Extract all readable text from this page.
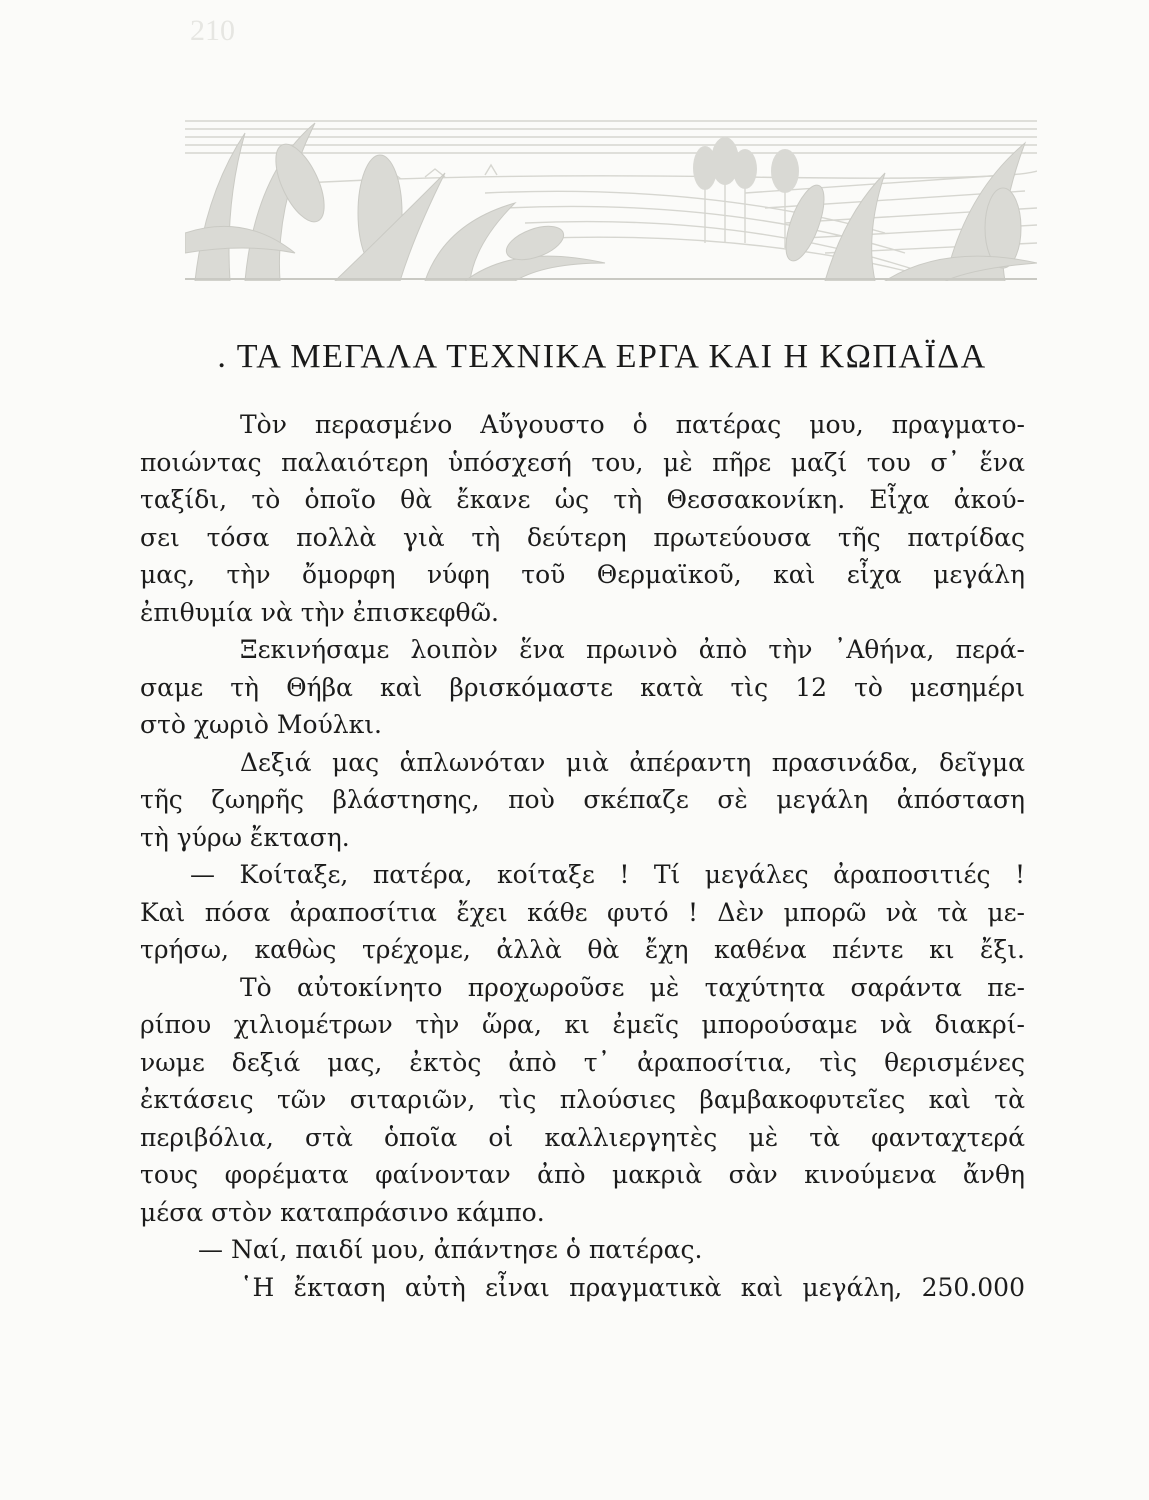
210
. ΤΑ ΜΕΓΑΛΑ ΤΕΧΝΙΚΑ ΕΡΓΑ ΚΑΙ Η ΚΩΠΑΪΔΑ
Τὸν περασμένο Αὔγουστο ὁ πατέρας μου, πραγματο-
ποιώντας παλαιότερη ὑπόσχεσή του, μὲ πῆρε μαζί του σ᾿ ἕνα
ταξίδι, τὸ ὁποῖο θὰ ἔκανε ὡς τὴ Θεσσακονίκη. Εἶχα ἀκού-
σει τόσα πολλὰ γιὰ τὴ δεύτερη πρωτεύουσα τῆς πατρίδας
μας, τὴν ὄμορφη νύφη τοῦ Θερμαϊκοῦ, καὶ εἶχα μεγάλη
ἐπιθυμία νὰ τὴν ἐπισκεφθῶ.
Ξεκινήσαμε λοιπὸν ἕνα πρωινὸ ἀπὸ τὴν ᾿Αθήνα, περά-
σαμε τὴ Θήβα καὶ βρισκόμαστε κατὰ τὶς 12 τὸ μεσημέρι
στὸ χωριὸ Μούλκι.
Δεξιά μας ἁπλωνόταν μιὰ ἀπέραντη πρασινάδα, δεῖγμα
τῆς ζωηρῆς βλάστησης, ποὺ σκέπαζε σὲ μεγάλη ἀπόσταση
τὴ γύρω ἔκταση.
— Κοίταξε, πατέρα, κοίταξε ! Τί μεγάλες ἀραποσιτιές !
Καὶ πόσα ἀραποσίτια ἔχει κάθε φυτό ! Δὲν μπορῶ νὰ τὰ με-
τρήσω, καθὼς τρέχομε, ἀλλὰ θὰ ἔχη καθένα πέντε κι ἔξι.
Τὸ αὐτοκίνητο προχωροῦσε μὲ ταχύτητα σαράντα πε-
ρίπου χιλιομέτρων τὴν ὥρα, κι ἐμεῖς μπορούσαμε νὰ διακρί-
νωμε δεξιά μας, ἐκτὸς ἀπὸ τ᾿ ἀραποσίτια, τὶς θερισμένες
ἐκτάσεις τῶν σιταριῶν, τὶς πλούσιες βαμβακοφυτεῖες καὶ τὰ
περιβόλια, στὰ ὁποῖα οἱ καλλιεργητὲς μὲ τὰ φανταχτερά
τους φορέματα φαίνονταν ἀπὸ μακριὰ σὰν κινούμενα ἄνθη
μέσα στὸν καταπράσινο κάμπο.
— Ναί, παιδί μου, ἀπάντησε ὁ πατέρας.
῾Η ἔκταση αὐτὴ εἶναι πραγματικὰ καὶ μεγάλη, 250.000
